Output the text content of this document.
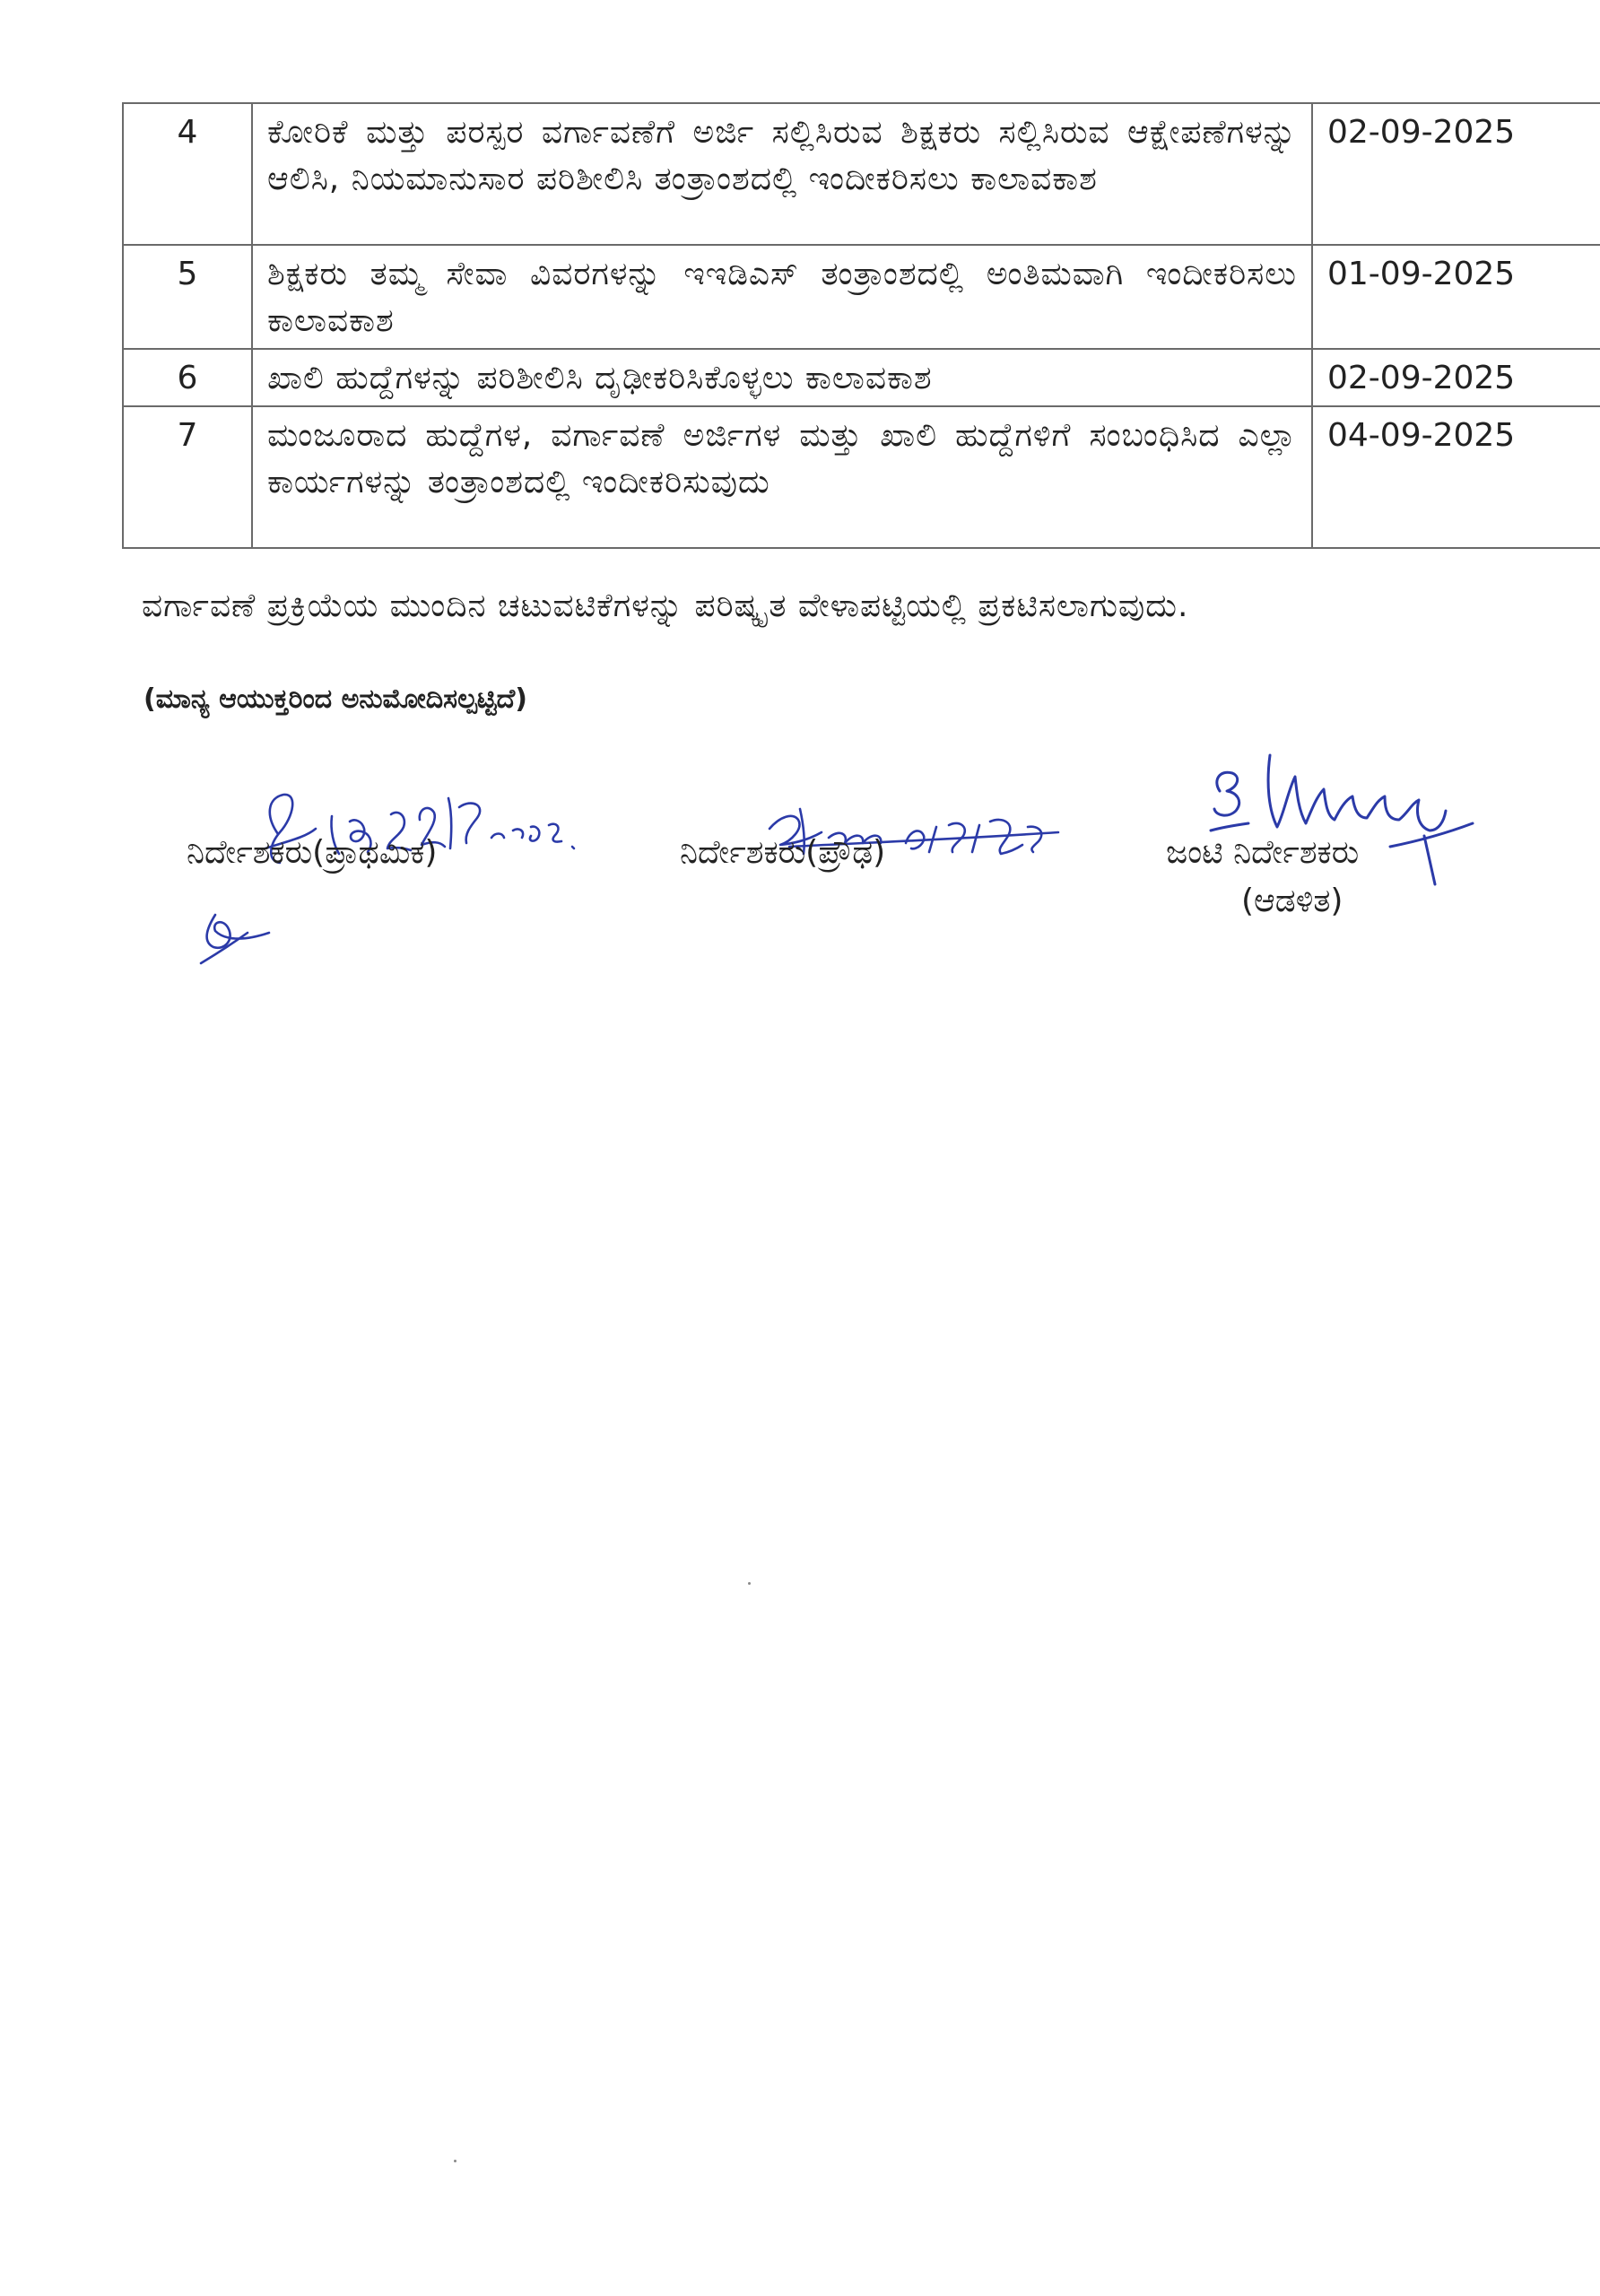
4	ಕೋರಿಕೆ ಮತ್ತು ಪರಸ್ಪರ ವರ್ಗಾವಣೆಗೆ ಅರ್ಜಿ ಸಲ್ಲಿಸಿರುವ ಶಿಕ್ಷಕರು ಸಲ್ಲಿಸಿರುವ ಆಕ್ಷೇಪಣೆಗಳನ್ನು ಆಲಿಸಿ, ನಿಯಮಾನುಸಾರ ಪರಿಶೀಲಿಸಿ ತಂತ್ರಾಂಶದಲ್ಲಿ ಇಂದೀಕರಿಸಲು ಕಾಲಾವಕಾಶ	02-09-2025
5	ಶಿಕ್ಷಕರು ತಮ್ಮ ಸೇವಾ ವಿವರಗಳನ್ನು ಇಇಡಿಎಸ್ ತಂತ್ರಾಂಶದಲ್ಲಿ ಅಂತಿಮವಾಗಿ ಇಂದೀಕರಿಸಲು ಕಾಲಾವಕಾಶ	01-09-2025
6	ಖಾಲಿ ಹುದ್ದೆಗಳನ್ನು ಪರಿಶೀಲಿಸಿ ದೃಢೀಕರಿಸಿಕೊಳ್ಳಲು ಕಾಲಾವಕಾಶ	02-09-2025
7	ಮಂಜೂರಾದ ಹುದ್ದೆಗಳ, ವರ್ಗಾವಣೆ ಅರ್ಜಿಗಳ ಮತ್ತು ಖಾಲಿ ಹುದ್ದೆಗಳಿಗೆ ಸಂಬಂಧಿಸಿದ ಎಲ್ಲಾ ಕಾರ್ಯಗಳನ್ನು ತಂತ್ರಾಂಶದಲ್ಲಿ ಇಂದೀಕರಿಸುವುದು	04-09-2025
ವರ್ಗಾವಣೆ ಪ್ರಕ್ರಿಯೆಯ ಮುಂದಿನ ಚಟುವಟಿಕೆಗಳನ್ನು ಪರಿಷ್ಕೃತ ವೇಳಾಪಟ್ಟಿಯಲ್ಲಿ ಪ್ರಕಟಿಸಲಾಗುವುದು.
(ಮಾನ್ಯ ಆಯುಕ್ತರಿಂದ ಅನುಮೋದಿಸಲ್ಪಟ್ಟಿದೆ)
ನಿರ್ದೇಶಕರು(ಪ್ರಾಥಮಿಕ)	ನಿರ್ದೇಶಕರು(ಪ್ರೌಢ)	ಜಂಟಿ ನಿರ್ದೇಶಕರು
(ಆಡಳಿತ)
